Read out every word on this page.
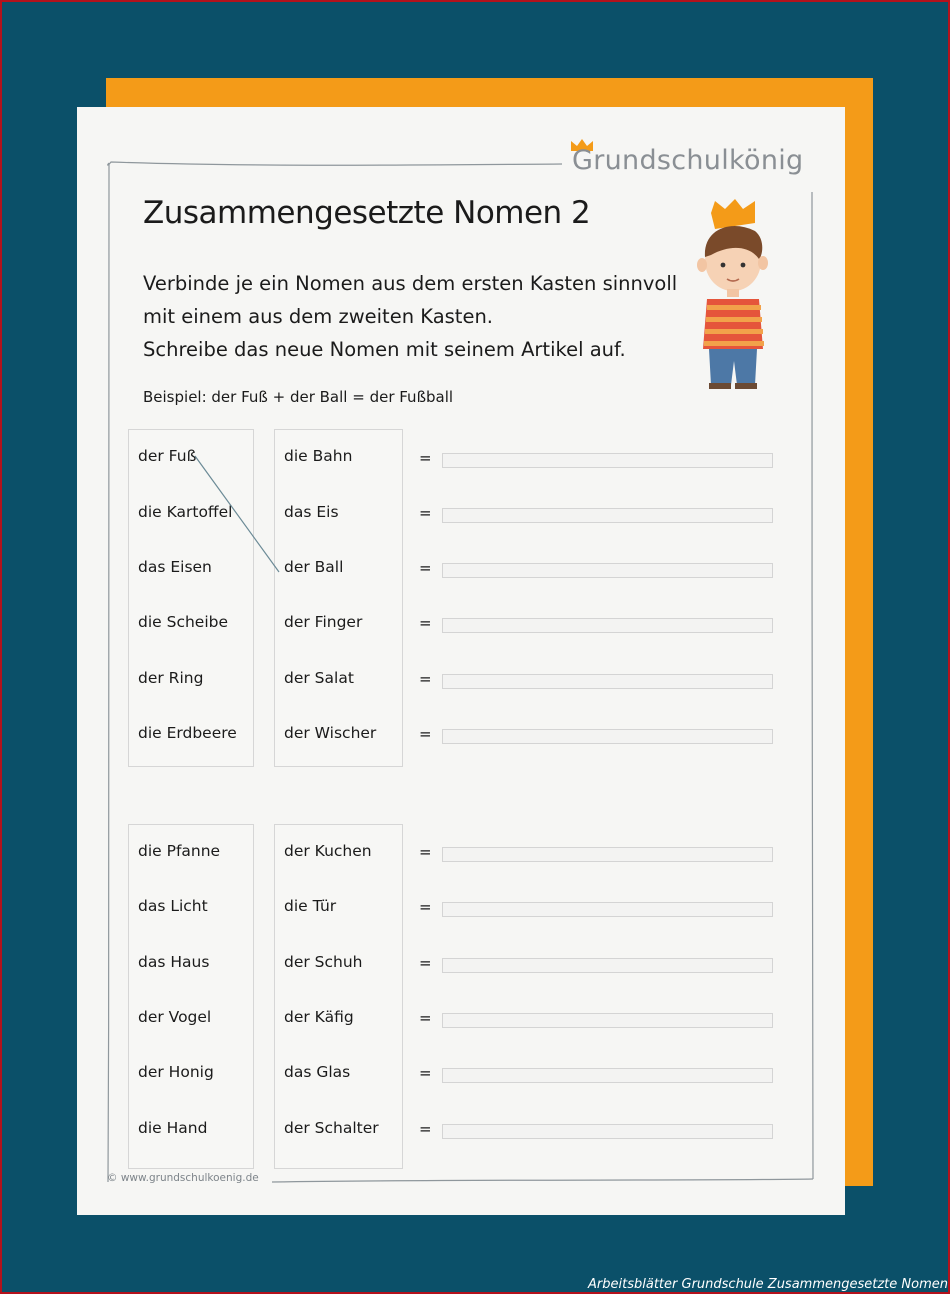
Grundschulkönig
Zusammengesetzte Nomen 2
Verbinde je ein Nomen aus dem ersten Kasten sinnvoll
mit einem aus dem zweiten Kasten.
Schreibe das neue Nomen mit seinem Artikel auf.
Beispiel: der Fuß + der Ball = der Fußball
der Fuß
die Kartoffel
das Eisen
die Scheibe
der Ring
die Erdbeere
die Bahn
das Eis
der Ball
der Finger
der Salat
der Wischer
=
=
=
=
=
=
die Pfanne
das Licht
das Haus
der Vogel
der Honig
die Hand
der Kuchen
die Tür
der Schuh
der Käfig
das Glas
der Schalter
=
=
=
=
=
=
© www.grundschulkoenig.de
Arbeitsblätter Grundschule Zusammengesetzte Nomen
